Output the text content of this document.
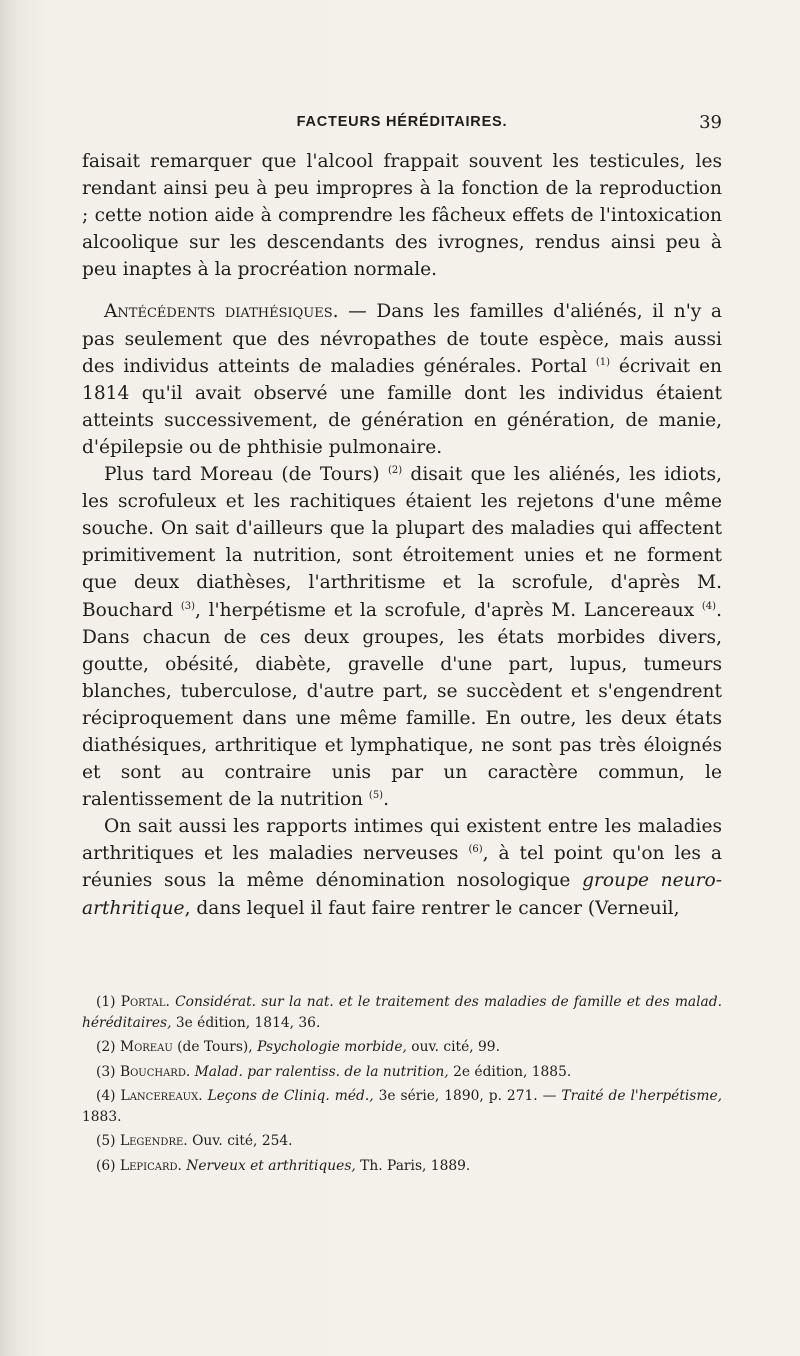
FACTEURS HÉRÉDITAIRES.	39

faisait remarquer que l'alcool frappait souvent les testicules, les rendant ainsi peu à peu impropres à la fonction de la reproduction ; cette notion aide à comprendre les fâcheux effets de l'intoxication alcoolique sur les descendants des ivrognes, rendus ainsi peu à peu inaptes à la procréation normale.

Antécédents diathésiques. — Dans les familles d'aliénés, il n'y a pas seulement que des névropathes de toute espèce, mais aussi des individus atteints de maladies générales. Portal $^{(1)}$ écrivait en 1814 qu'il avait observé une famille dont les individus étaient atteints successivement, de génération en génération, de manie, d'épilepsie ou de phthisie pulmonaire.

Plus tard Moreau (de Tours) $^{(2)}$ disait que les aliénés, les idiots, les scrofuleux et les rachitiques étaient les rejetons d'une même souche. On sait d'ailleurs que la plupart des maladies qui affectent primitivement la nutrition, sont étroitement unies et ne forment que deux diathèses, l'arthritisme et la scrofule, d'après M. Bouchard $^{(3)}$, l'herpétisme et la scrofule, d'après M. Lancereaux $^{(4)}$. Dans chacun de ces deux groupes, les états morbides divers, goutte, obésité, diabète, gravelle d'une part, lupus, tumeurs blanches, tuberculose, d'autre part, se succèdent et s'engendrent réciproquement dans une même famille. En outre, les deux états diathésiques, arthritique et lymphatique, ne sont pas très éloignés et sont au contraire unis par un caractère commun, le ralentissement de la nutrition $^{(5)}$.

On sait aussi les rapports intimes qui existent entre les maladies arthritiques et les maladies nerveuses $^{(6)}$, à tel point qu'on les a réunies sous la même dénomination nosologique groupe neuro-arthritique, dans lequel il faut faire rentrer le cancer (Verneuil,

(1) Portal. Considérat. sur la nat. et le traitement des maladies de famille et des malad. héréditaires, 3e édition, 1814, 36.

(2) Moreau (de Tours), Psychologie morbide, ouv. cité, 99.

(3) Bouchard. Malad. par ralentiss. de la nutrition, 2e édition, 1885.

(4) Lancereaux. Leçons de Cliniq. méd., 3e série, 1890, p. 271. — Traité de l'herpétisme, 1883.

(5) Legendre. Ouv. cité, 254.

(6) Lepicard. Nerveux et arthritiques, Th. Paris, 1889.
